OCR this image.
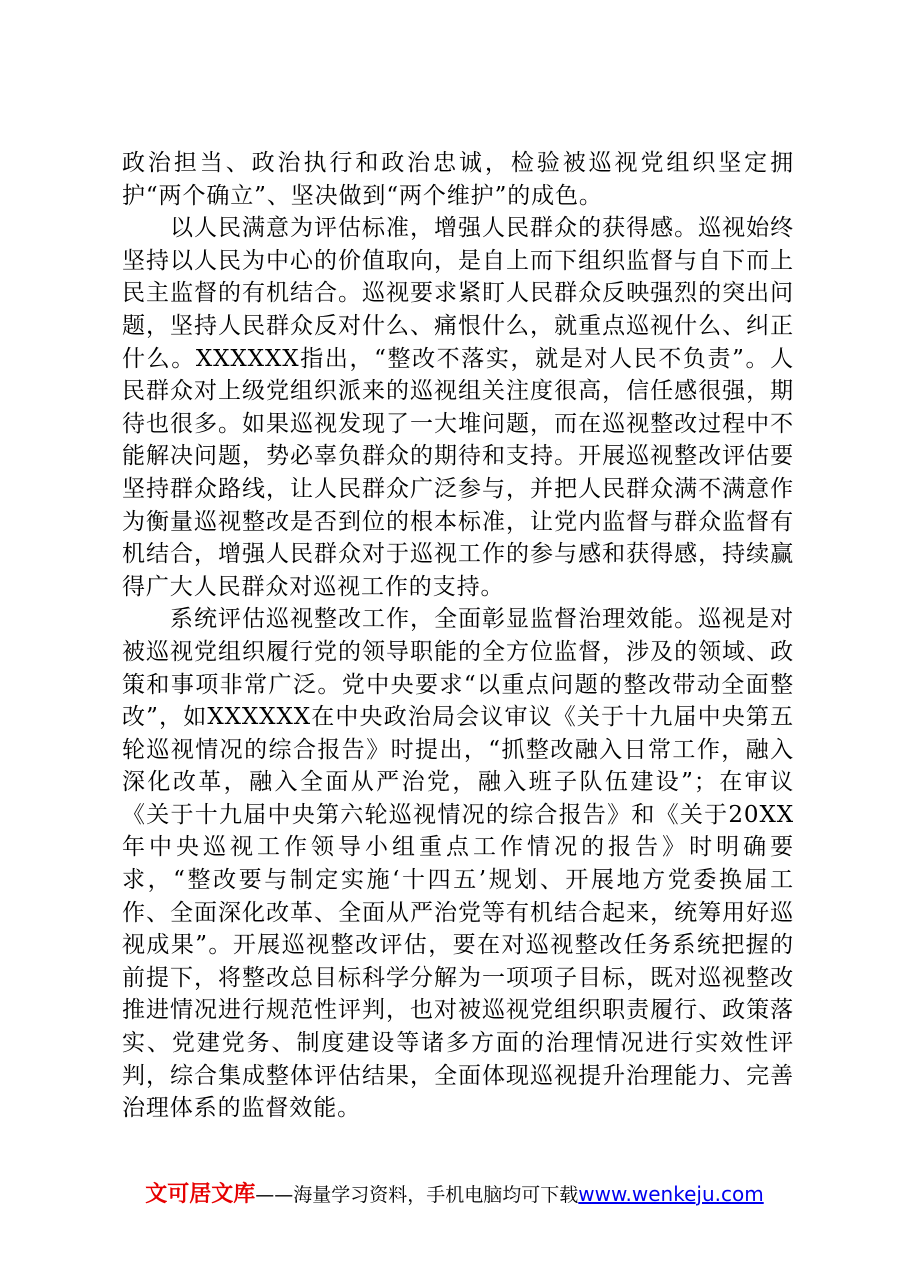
政治担当、政治执行和政治忠诚，检验被巡视党组织坚定拥护“两个确立”、坚决做到“两个维护”的成色。

以人民满意为评估标准，增强人民群众的获得感。巡视始终坚持以人民为中心的价值取向，是自上而下组织监督与自下而上民主监督的有机结合。巡视要求紧盯人民群众反映强烈的突出问题，坚持人民群众反对什么、痛恨什么，就重点巡视什么、纠正什么。XXXXXX指出，“整改不落实，就是对人民不负责”。人民群众对上级党组织派来的巡视组关注度很高，信任感很强，期待也很多。如果巡视发现了一大堆问题，而在巡视整改过程中不能解决问题，势必辜负群众的期待和支持。开展巡视整改评估要坚持群众路线，让人民群众广泛参与，并把人民群众满不满意作为衡量巡视整改是否到位的根本标准，让党内监督与群众监督有机结合，增强人民群众对于巡视工作的参与感和获得感，持续赢得广大人民群众对巡视工作的支持。

系统评估巡视整改工作，全面彰显监督治理效能。巡视是对被巡视党组织履行党的领导职能的全方位监督，涉及的领域、政策和事项非常广泛。党中央要求“以重点问题的整改带动全面整改”，如XXXXXX在中央政治局会议审议《关于十九届中央第五轮巡视情况的综合报告》时提出，“抓整改融入日常工作，融入深化改革，融入全面从严治党，融入班子队伍建设”；在审议《关于十九届中央第六轮巡视情况的综合报告》和《关于20XX年中央巡视工作领导小组重点工作情况的报告》时明确要求，“整改要与制定实施‘十四五’规划、开展地方党委换届工作、全面深化改革、全面从严治党等有机结合起来，统筹用好巡视成果”。开展巡视整改评估，要在对巡视整改任务系统把握的前提下，将整改总目标科学分解为一项项子目标，既对巡视整改推进情况进行规范性评判，也对被巡视党组织职责履行、政策落实、党建党务、制度建设等诸多方面的治理情况进行实效性评判，综合集成整体评估结果，全面体现巡视提升治理能力、完善治理体系的监督效能。

文可居文库——海量学习资料，手机电脑均可下载www.wenkeju.com
